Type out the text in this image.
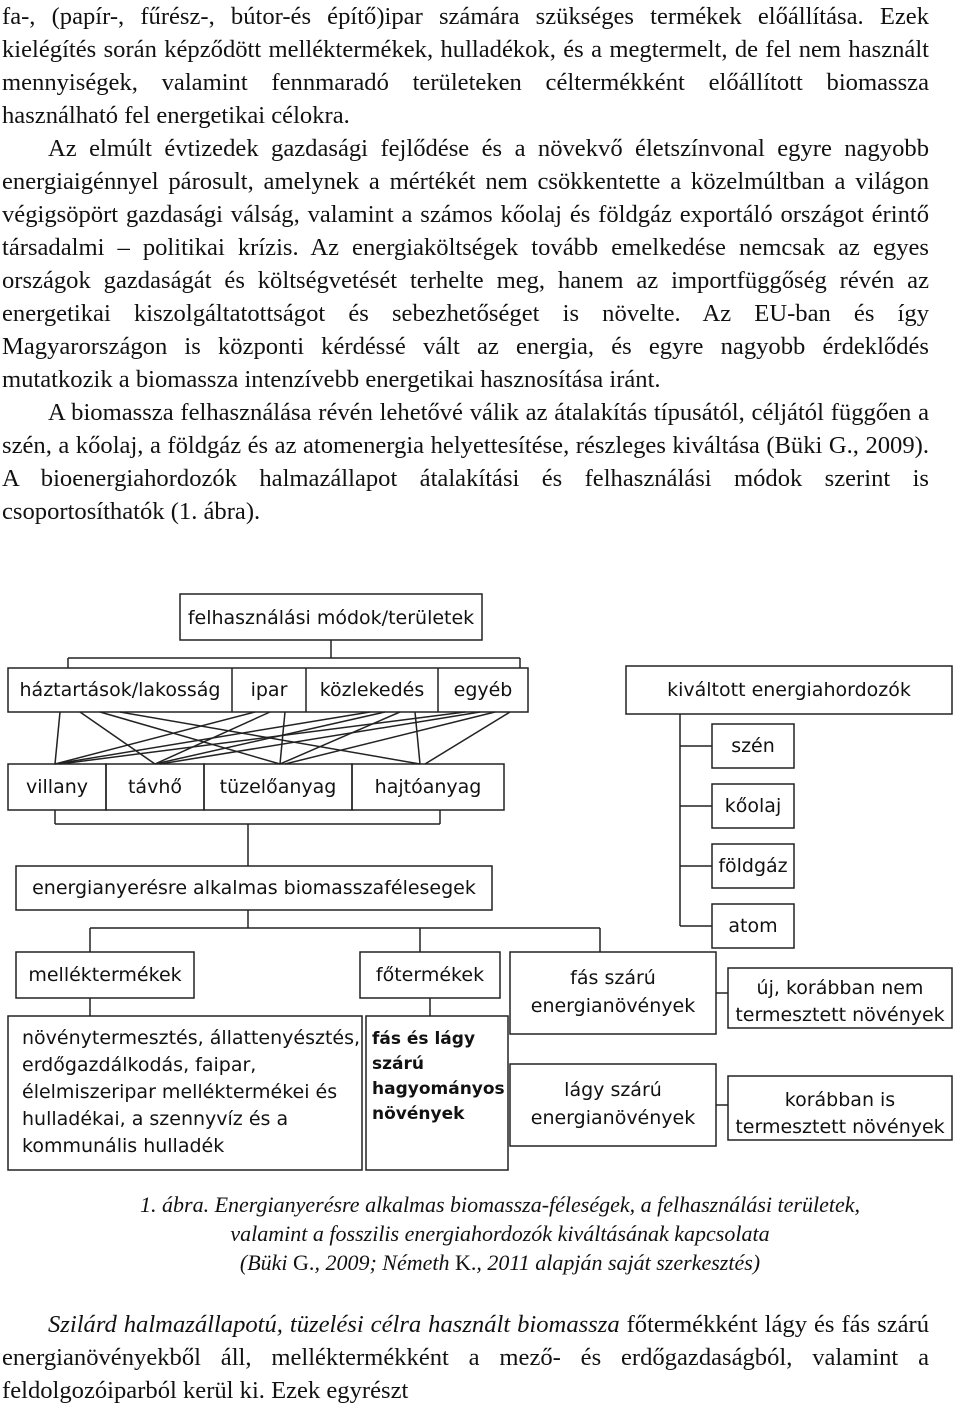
fa-, (papír-, fűrész-, bútor-és építő)ipar számára szükséges termékek előállítása. Ezek kielégítés során képződött melléktermékek, hulladékok, és a megtermelt, de fel nem használt mennyiségek, valamint fennmaradó területeken céltermékként előállított biomassza használható fel energetikai célokra.

Az elmúlt évtizedek gazdasági fejlődése és a növekvő életszínvonal egyre nagyobb energiaigénnyel párosult, amelynek a mértékét nem csökkentette a közelmúltban a világon végigsöpört gazdasági válság, valamint a számos kőolaj és földgáz exportáló országot érintő társadalmi – politikai krízis. Az energiaköltségek tovább emelkedése nemcsak az egyes országok gazdaságát és költségvetését terhelte meg, hanem az importfüggőség révén az energetikai kiszolgáltatottságot és sebezhetőséget is növelte. Az EU-ban és így Magyarországon is központi kérdéssé vált az energia, és egyre nagyobb érdeklődés mutatkozik a biomassza intenzívebb energetikai hasznosítása iránt.

A biomassza felhasználása révén lehetővé válik az átalakítás típusától, céljától függően a szén, a kőolaj, a földgáz és az atomenergia helyettesítése, részleges kiváltása (Büki G., 2009). A bioenergiahordozók halmazállapot átalakítási és felhasználási módok szerint is csoportosíthatók (1. ábra).

felhasználási módok/területek
háztartások/lakosság ipar közlekedés egyéb
villany távhő tüzelőanyag hajtóanyag
energianyerésre alkalmas biomasszafélesegek
kiváltott energiahordozók
szén
kőolaj
földgáz
atom
melléktermékek
növénytermesztés, állattenyésztés,
erdőgazdálkodás, faipar,
élelmiszeripar melléktermékei és
hulladékai, a szennyvíz és a
kommunális hulladék
főtermékek
fás és lágy
szárú
hagyományos
növények
fás szárú
energianövények
lágy szárú
energianövények
új, korábban nem
termesztett növények
korábban is
termesztett növények
1. ábra. Energianyerésre alkalmas biomassza-féleségek, a felhasználási területek,
valamint a fosszilis energiahordozók kiváltásának kapcsolata
(Büki G., 2009; Németh K., 2011 alapján saját szerkesztés)

Szilárd halmazállapotú, tüzelési célra használt biomassza főtermékként lágy és fás szárú energianövényekből áll, melléktermékként a mező- és erdőgazdaságból, valamint a feldolgozóiparból kerül ki. Ezek egyrészt
